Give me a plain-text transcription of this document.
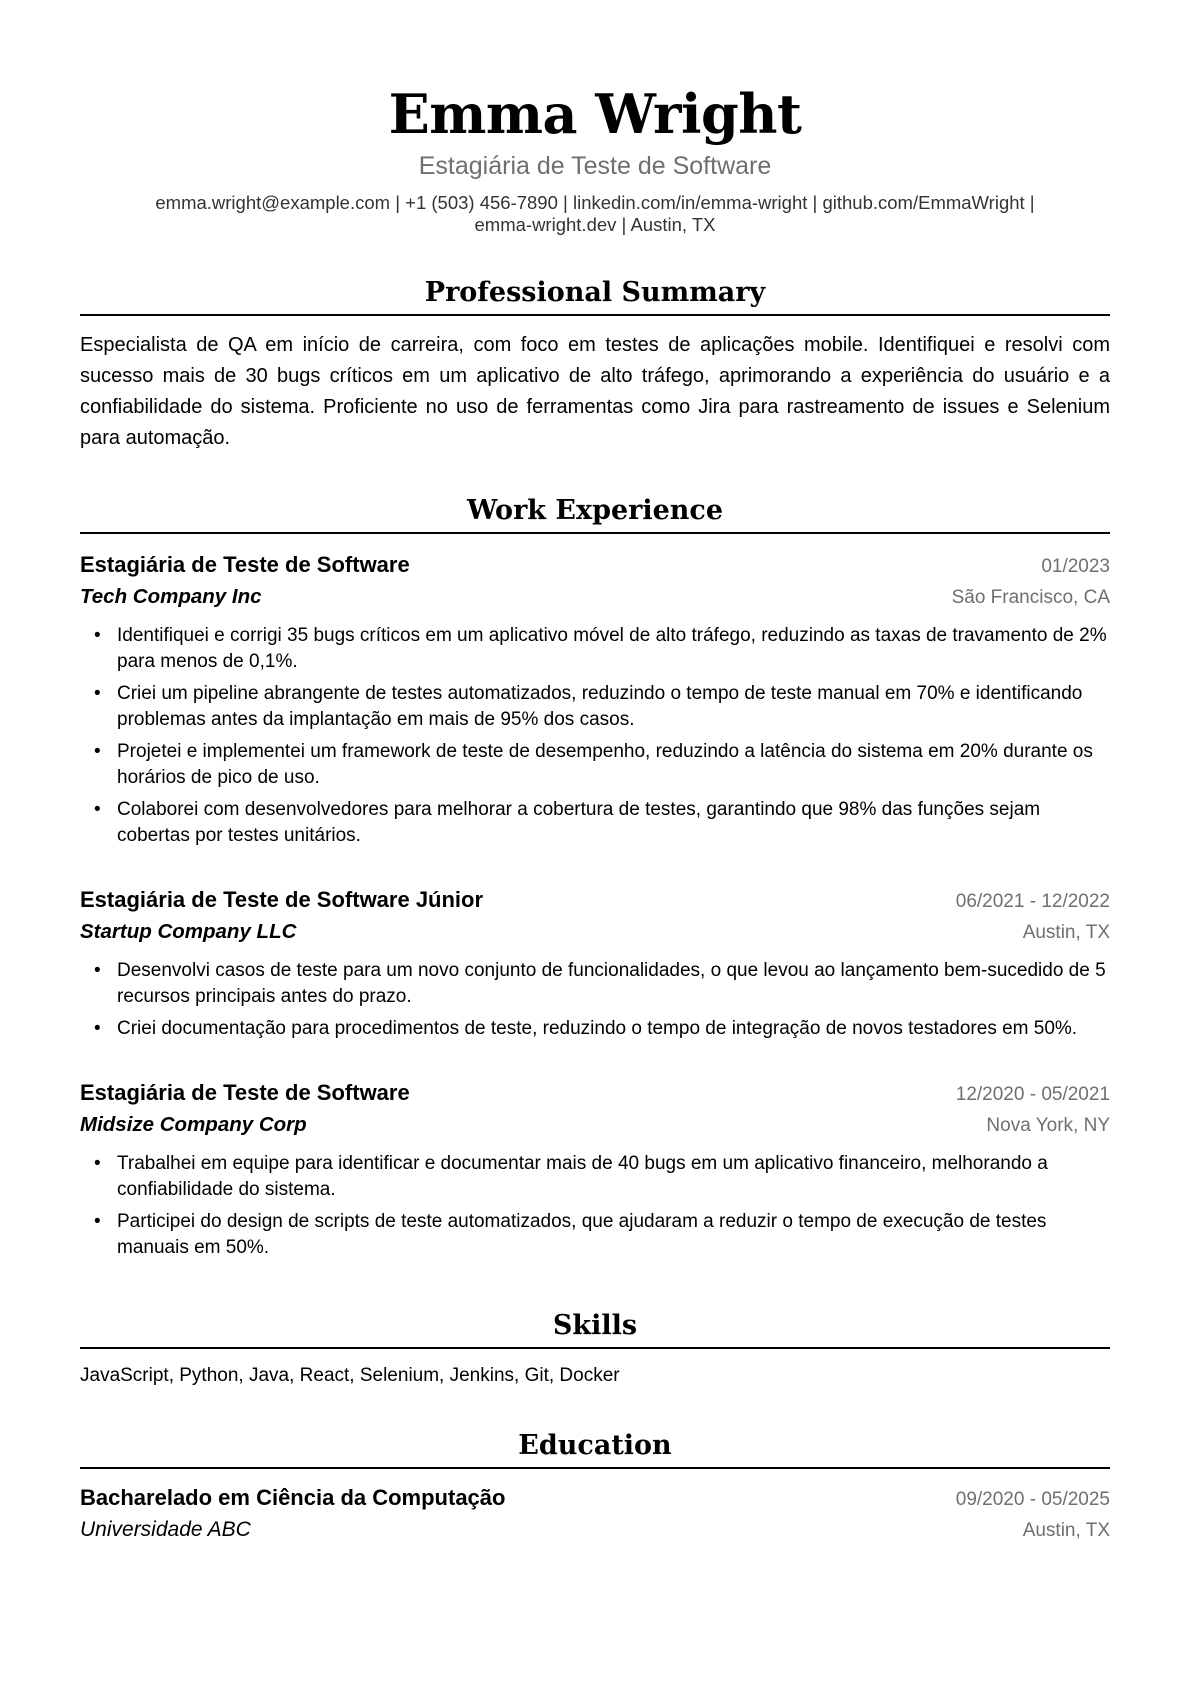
Emma Wright
Estagiária de Teste de Software
emma.wright@example.com | +1 (503) 456-7890 | linkedin.com/in/emma-wright | github.com/EmmaWright |
emma-wright.dev | Austin, TX
Professional Summary
Especialista de QA em início de carreira, com foco em testes de aplicações mobile. Identifiquei e resolvi com sucesso mais de 30 bugs críticos em um aplicativo de alto tráfego, aprimorando a experiência do usuário e a confiabilidade do sistema. Proficiente no uso de ferramentas como Jira para rastreamento de issues e Selenium para automação.
Work Experience
Estagiária de Teste de Software	01/2023
Tech Company Inc	São Francisco, CA
• Identifiquei e corrigi 35 bugs críticos em um aplicativo móvel de alto tráfego, reduzindo as taxas de travamento de 2% para menos de 0,1%.
• Criei um pipeline abrangente de testes automatizados, reduzindo o tempo de teste manual em 70% e identificando problemas antes da implantação em mais de 95% dos casos.
• Projetei e implementei um framework de teste de desempenho, reduzindo a latência do sistema em 20% durante os horários de pico de uso.
• Colaborei com desenvolvedores para melhorar a cobertura de testes, garantindo que 98% das funções sejam cobertas por testes unitários.
Estagiária de Teste de Software Júnior	06/2021 - 12/2022
Startup Company LLC	Austin, TX
• Desenvolvi casos de teste para um novo conjunto de funcionalidades, o que levou ao lançamento bem-sucedido de 5 recursos principais antes do prazo.
• Criei documentação para procedimentos de teste, reduzindo o tempo de integração de novos testadores em 50%.
Estagiária de Teste de Software	12/2020 - 05/2021
Midsize Company Corp	Nova York, NY
• Trabalhei em equipe para identificar e documentar mais de 40 bugs em um aplicativo financeiro, melhorando a confiabilidade do sistema.
• Participei do design de scripts de teste automatizados, que ajudaram a reduzir o tempo de execução de testes manuais em 50%.
Skills
JavaScript, Python, Java, React, Selenium, Jenkins, Git, Docker
Education
Bacharelado em Ciência da Computação	09/2020 - 05/2025
Universidade ABC	Austin, TX
